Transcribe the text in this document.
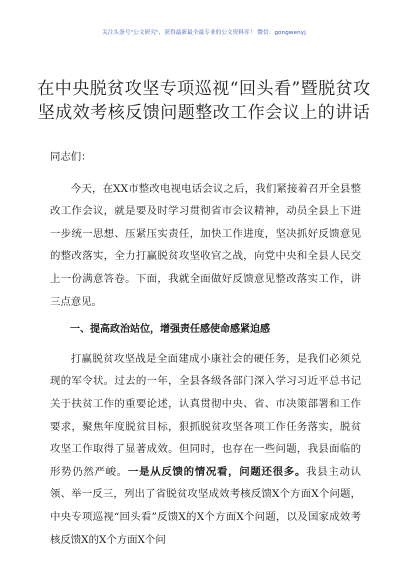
关注头条号"公文研究"，获得最新最全最专业的公文资料库！ 微信：gongwenyj
在中央脱贫攻坚专项巡视“回头看”暨脱贫攻坚成效考核反馈问题整改工作会议上的讲话

同志们：

今天，在XX市整改电视电话会议之后，我们紧接着召开全县整改工作会议，就是要及时学习贯彻省市会议精神，动员全县上下进一步统一思想、压紧压实责任，加快工作进度，坚决抓好反馈意见的整改落实，全力打赢脱贫攻坚收官之战，向党中央和全县人民交上一份满意答卷。下面，我就全面做好反馈意见整改落实工作，讲三点意见。

一、提高政治站位，增强责任感使命感紧迫感

打赢脱贫攻坚战是全面建成小康社会的硬任务，是我们必须兑现的军令状。过去的一年，全县各级各部门深入学习习近平总书记关于扶贫工作的重要论述，认真贯彻中央、省、市决策部署和工作要求，聚焦年度脱贫目标，狠抓脱贫攻坚各项工作任务落实，脱贫攻坚工作取得了显著成效。但同时，也存在一些问题，我县面临的形势仍然严峻。一是从反馈的情况看，问题还很多。我县主动认领、举一反三，列出了省脱贫攻坚成效考核反馈X个方面X个问题，中央专项巡视“回头看”反馈X的X个方面X个问题，以及国家成效考核反馈X的X个方面X个问
